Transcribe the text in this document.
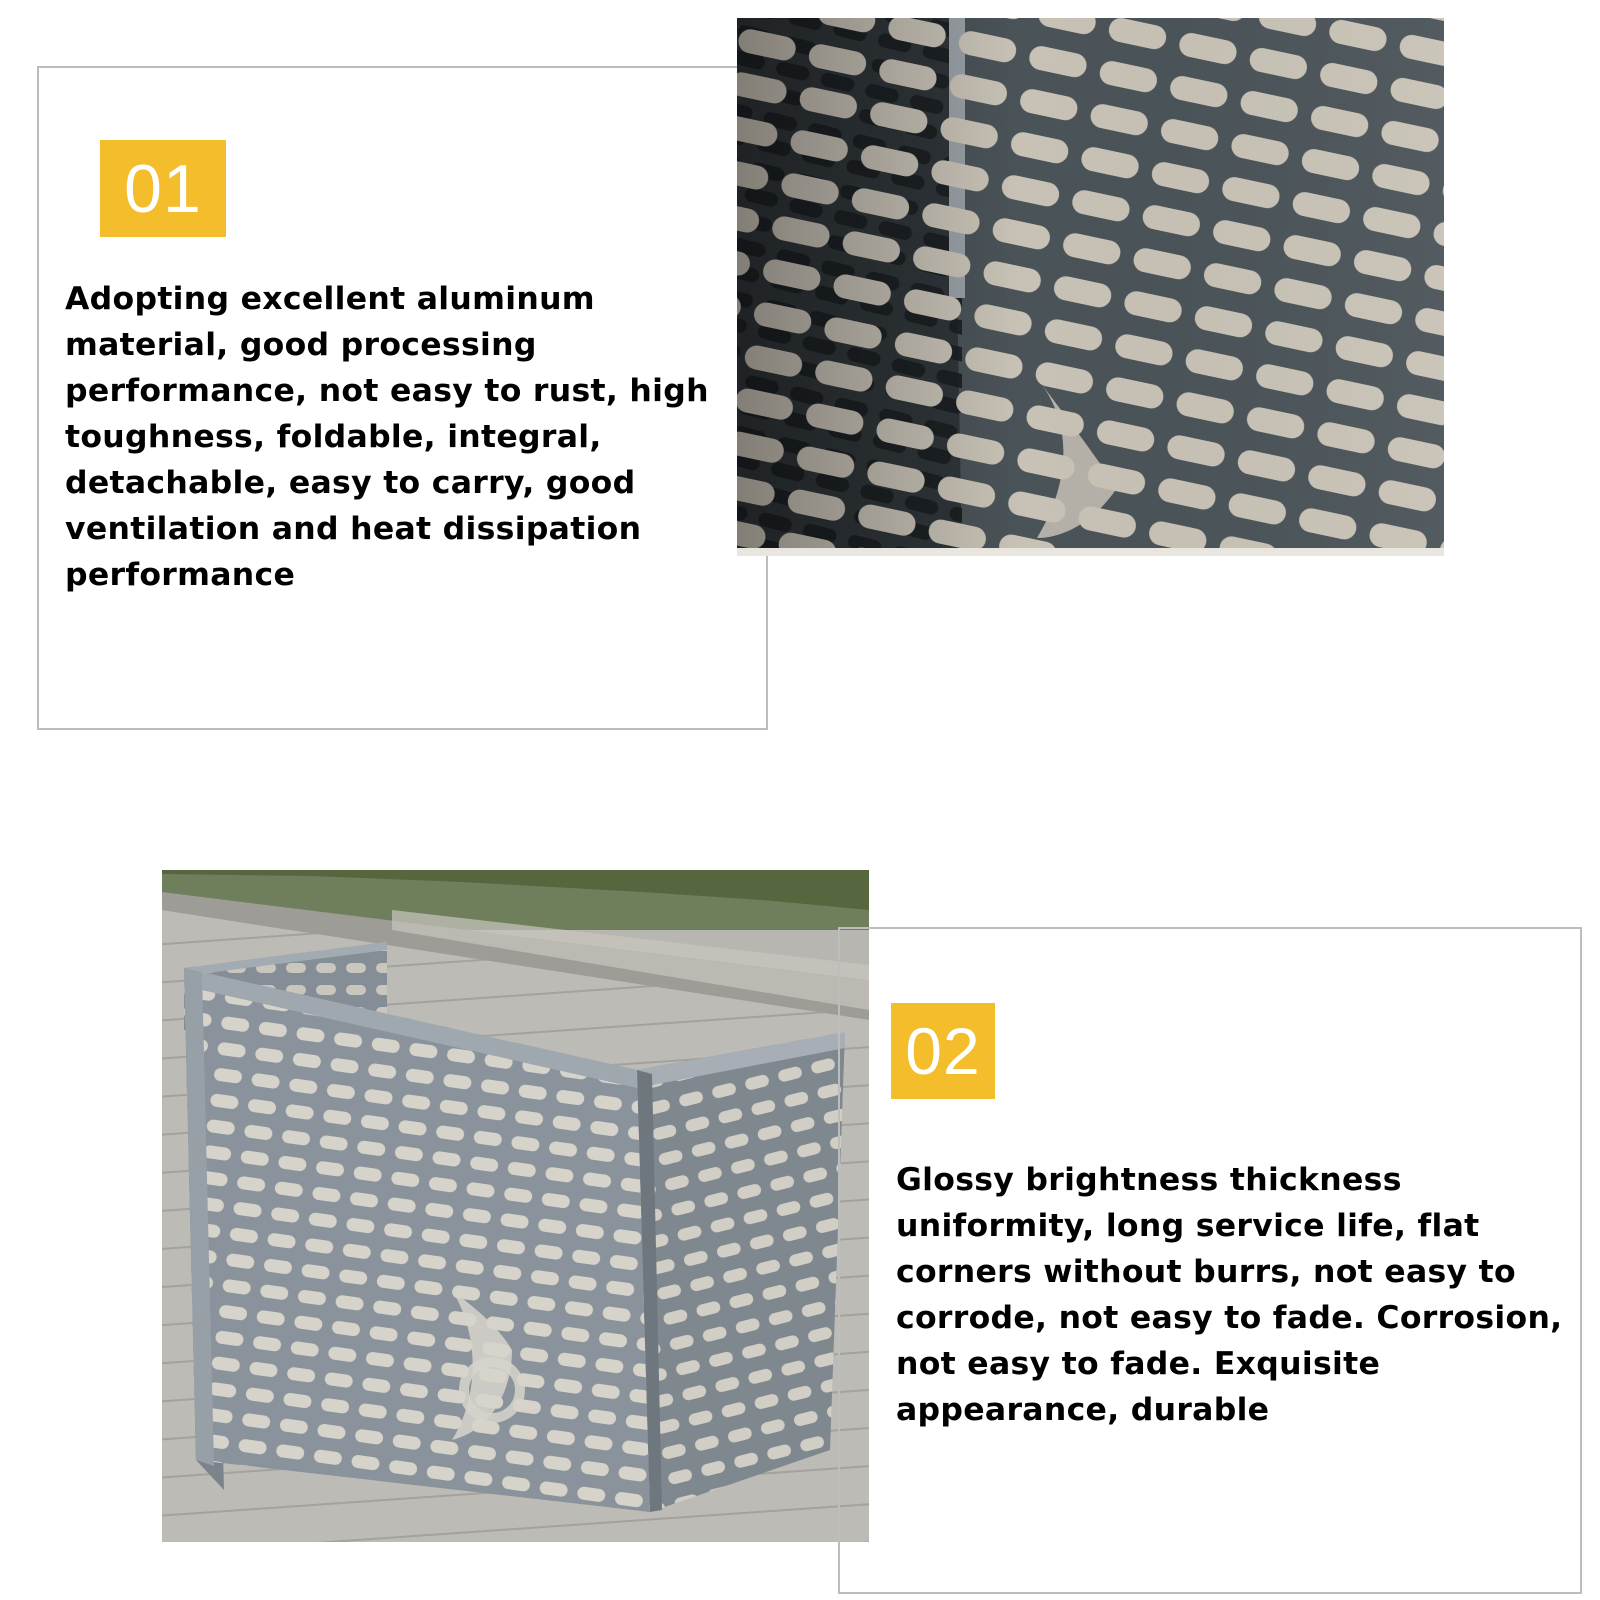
01

Adopting excellent aluminum material, good processing performance, not easy to rust, high toughness, foldable, integral, detachable, easy to carry, good ventilation and heat dissipation performance

02

Glossy brightness thickness uniformity, long service life, flat corners without burrs, not easy to corrode, not easy to fade. Corrosion, not easy to fade. Exquisite appearance, durable
